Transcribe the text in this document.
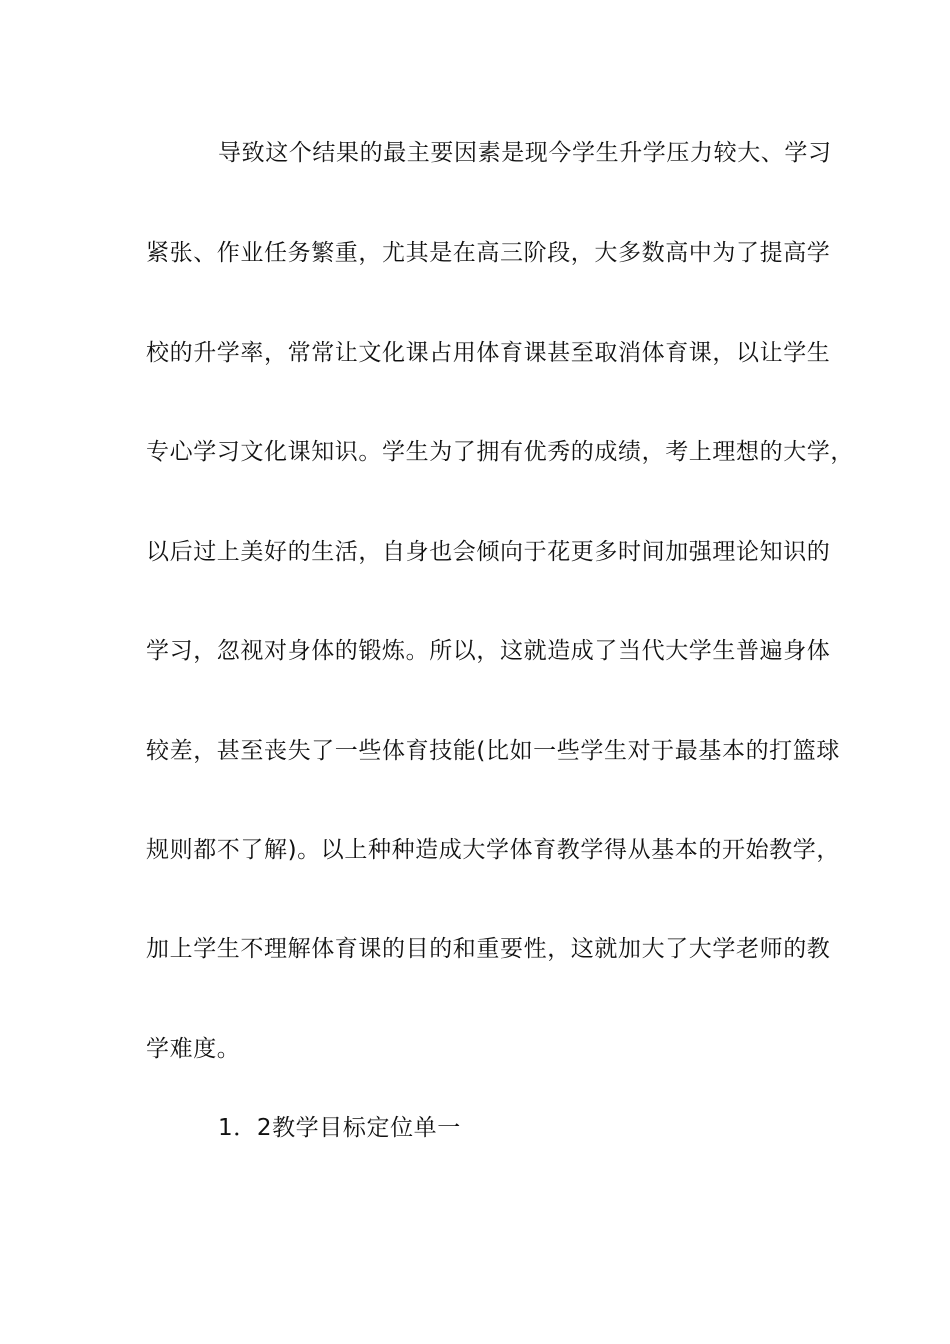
导致这个结果的最主要因素是现今学生升学压力较大、学习
紧张、作业任务繁重，尤其是在高三阶段，大多数高中为了提高学
校的升学率，常常让文化课占用体育课甚至取消体育课，以让学生
专心学习文化课知识。学生为了拥有优秀的成绩，考上理想的大学，
以后过上美好的生活，自身也会倾向于花更多时间加强理论知识的
学习，忽视对身体的锻炼。所以，这就造成了当代大学生普遍身体
较差，甚至丧失了一些体育技能(比如一些学生对于最基本的打篮球
规则都不了解)。以上种种造成大学体育教学得从基本的开始教学，
加上学生不理解体育课的目的和重要性，这就加大了大学老师的教
学难度。
1．2教学目标定位单一
